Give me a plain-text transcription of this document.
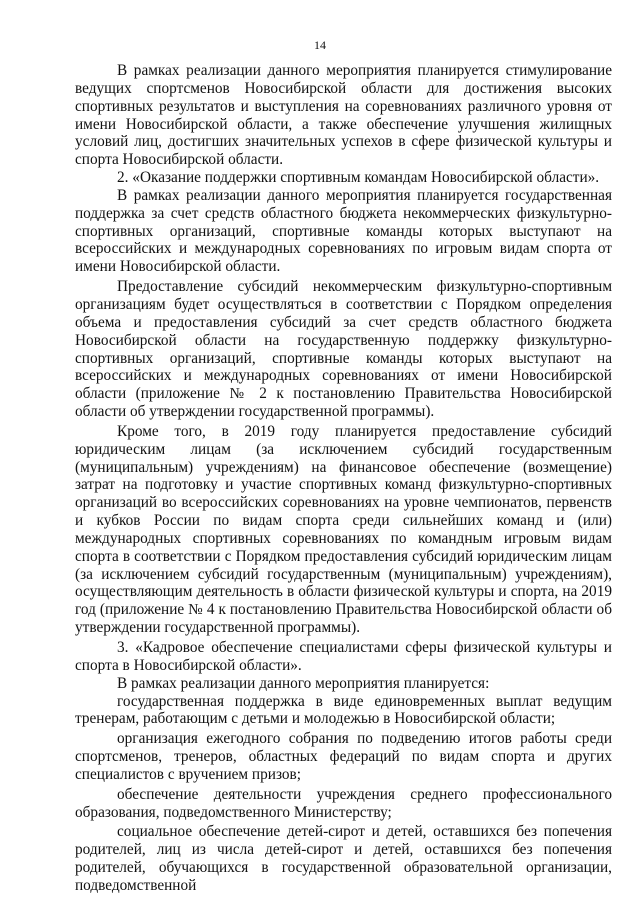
14

В рамках реализации данного мероприятия планируется стимулирование ведущих спортсменов Новосибирской области для достижения высоких спортивных результатов и выступления на соревнованиях различного уровня от имени Новосибирской области, а также обеспечение улучшения жилищных условий лиц, достигших значительных успехов в сфере физической культуры и спорта Новосибирской области.

2. «Оказание поддержки спортивным командам Новосибирской области».

В рамках реализации данного мероприятия планируется государственная поддержка за счет средств областного бюджета некоммерческих физкультурно-спортивных организаций, спортивные команды которых выступают на всероссийских и международных соревнованиях по игровым видам спорта от имени Новосибирской области.

Предоставление субсидий некоммерческим физкультурно-спортивным организациям будет осуществляться в соответствии с Порядком определения объема и предоставления субсидий за счет средств областного бюджета Новосибирской области на государственную поддержку физкультурно-спортивных организаций, спортивные команды которых выступают на всероссийских и международных соревнованиях от имени Новосибирской области (приложение № 2 к постановлению Правительства Новосибирской области об утверждении государственной программы).

Кроме того, в 2019 году планируется предоставление субсидий юридическим лицам (за исключением субсидий государственным (муниципальным) учреждениям) на финансовое обеспечение (возмещение) затрат на подготовку и участие спортивных команд физкультурно-спортивных организаций во всероссийских соревнованиях на уровне чемпионатов, первенств и кубков России по видам спорта среди сильнейших команд и (или) международных спортивных соревнованиях по командным игровым видам спорта в соответствии с Порядком предоставления субсидий юридическим лицам (за исключением субсидий государственным (муниципальным) учреждениям), осуществляющим деятельность в области физической культуры и спорта, на 2019 год (приложение № 4 к постановлению Правительства Новосибирской области об утверждении государственной программы).

3. «Кадровое обеспечение специалистами сферы физической культуры и спорта в Новосибирской области».

В рамках реализации данного мероприятия планируется:

государственная поддержка в виде единовременных выплат ведущим тренерам, работающим с детьми и молодежью в Новосибирской области;

организация ежегодного собрания по подведению итогов работы среди спортсменов, тренеров, областных федераций по видам спорта и других специалистов с вручением призов;

обеспечение деятельности учреждения среднего профессионального образования, подведомственного Министерству;

социальное обеспечение детей-сирот и детей, оставшихся без попечения родителей, лиц из числа детей-сирот и детей, оставшихся без попечения родителей, обучающихся в государственной образовательной организации, подведомственной
